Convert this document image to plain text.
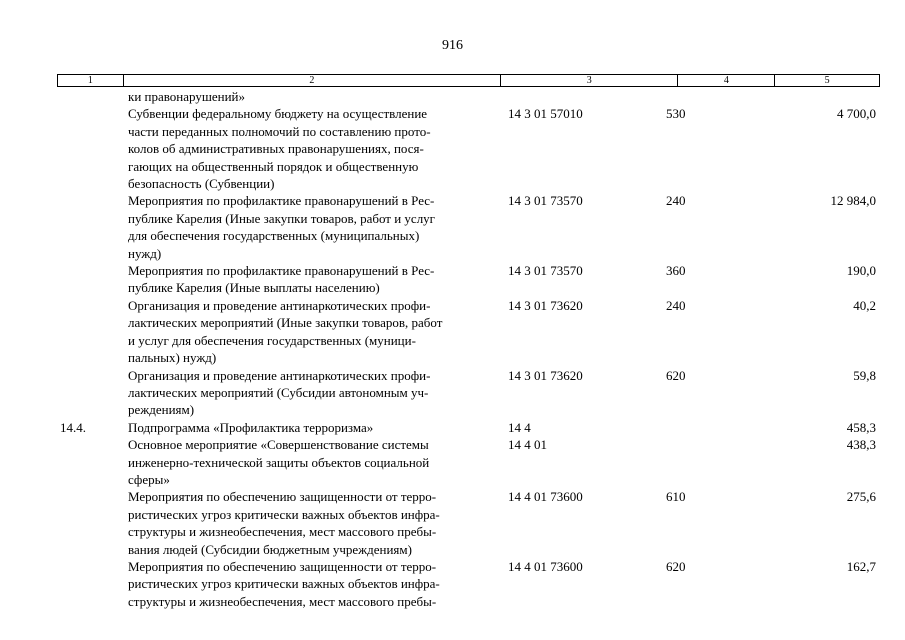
916
1	2	3	4	5
ки правонарушений»
Субвенции федеральному бюджету на осуществление
части переданных полномочий по составлению прото-
колов об административных правонарушениях, пося-
гающих на общественный порядок и общественную
безопасность (Субвенции)
14 3 01 57010	530	4 700,0
Мероприятия по профилактике правонарушений в Рес-
публике Карелия (Иные закупки товаров, работ и услуг
для обеспечения государственных (муниципальных)
нужд)
14 3 01 73570	240	12 984,0
Мероприятия по профилактике правонарушений в Рес-
публике Карелия (Иные выплаты населению)
14 3 01 73570	360	190,0
Организация и проведение антинаркотических профи-
лактических мероприятий (Иные закупки товаров, работ
и услуг для обеспечения государственных (муници-
пальных) нужд)
14 3 01 73620	240	40,2
Организация и проведение антинаркотических профи-
лактических мероприятий (Субсидии автономным уч-
реждениям)
14 3 01 73620	620	59,8
14.4.	Подпрограмма «Профилактика терроризма»	14 4	458,3
Основное мероприятие «Совершенствование системы
инженерно-технической защиты объектов социальной
сферы»
14 4 01	438,3
Мероприятия по обеспечению защищенности от терро-
ристических угроз критически важных объектов инфра-
структуры и жизнеобеспечения, мест массового пребы-
вания людей (Субсидии бюджетным учреждениям)
14 4 01 73600	610	275,6
Мероприятия по обеспечению защищенности от терро-
ристических угроз критически важных объектов инфра-
структуры и жизнеобеспечения, мест массового пребы-
14 4 01 73600	620	162,7
